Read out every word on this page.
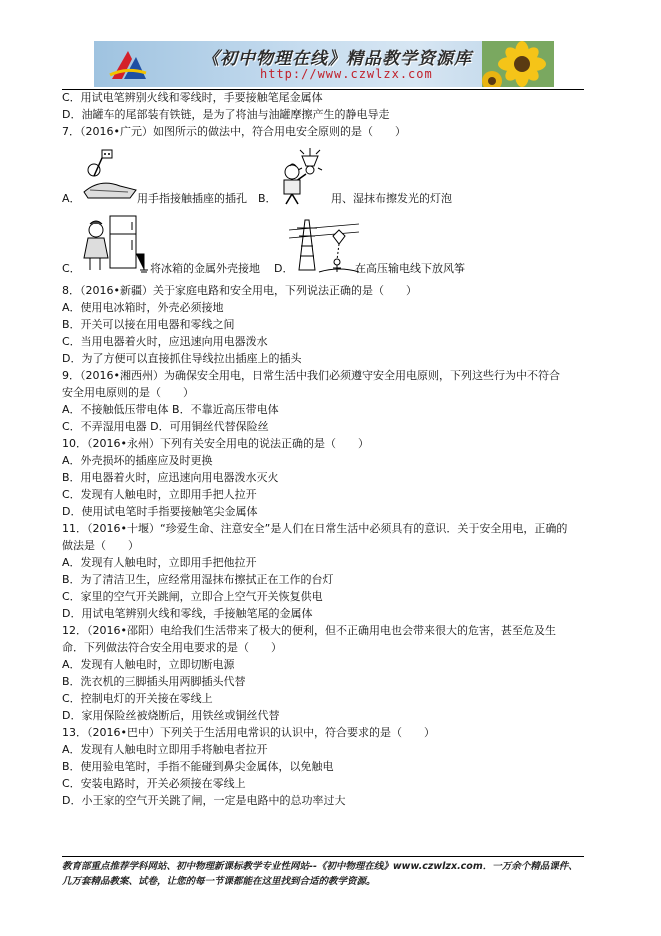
《初中物理在线》精品教学资源库
http://www.czwlzx.com
C．用试电笔辨别火线和零线时，手要接触笔尾金属体
D．油罐车的尾部装有铁链，是为了将油与油罐摩擦产生的静电导走
7．（2016•广元）如图所示的做法中，符合用电安全原则的是（　　）
A．	用手指接触插座的插孔 B．	用、湿抹布擦发光的灯泡
C．	将冰箱的金属外壳接地 D．	在高压输电线下放风筝
8．（2016•新疆）关于家庭电路和安全用电，下列说法正确的是（　　）
A．使用电冰箱时，外壳必须接地
B．开关可以接在用电器和零线之间
C．当用电器着火时，应迅速向用电器泼水
D．为了方便可以直接抓住导线拉出插座上的插头
9．（2016•湘西州）为确保安全用电，日常生活中我们必须遵守安全用电原则，下列这些行为中不符合
安全用电原则的是（　　）
A．不接触低压带电体 B．不靠近高压带电体
C．不弄湿用电器 D．可用铜丝代替保险丝
10．（2016•永州）下列有关安全用电的说法正确的是（　　）
A．外壳损坏的插座应及时更换
B．用电器着火时，应迅速向用电器泼水灭火
C．发现有人触电时，立即用手把人拉开
D．使用试电笔时手指要接触笔尖金属体
11．（2016•十堰）“珍爱生命、注意安全”是人们在日常生活中必须具有的意识．关于安全用电，正确的
做法是（　　）
A．发现有人触电时，立即用手把他拉开
B．为了清洁卫生，应经常用湿抹布擦拭正在工作的台灯
C．家里的空气开关跳闸，立即合上空气开关恢复供电
D．用试电笔辨别火线和零线，手接触笔尾的金属体
12．（2016•邵阳）电给我们生活带来了极大的便利，但不正确用电也会带来很大的危害，甚至危及生
命．下列做法符合安全用电要求的是（　　）
A．发现有人触电时，立即切断电源
B．洗衣机的三脚插头用两脚插头代替
C．控制电灯的开关接在零线上
D．家用保险丝被烧断后，用铁丝或铜丝代替
13．（2016•巴中）下列关于生活用电常识的认识中，符合要求的是（　　）
A．发现有人触电时立即用手将触电者拉开
B．使用验电笔时，手指不能碰到鼻尖金属体，以免触电
C．安装电路时，开关必须接在零线上
D．小王家的空气开关跳了闸，一定是电路中的总功率过大
教育部重点推荐学科网站、初中物理新课标教学专业性网站--《初中物理在线》www.czwlzx.com．一万余个精品课件、
几万套精品教案、试卷，让您的每一节课都能在这里找到合适的教学资源。
